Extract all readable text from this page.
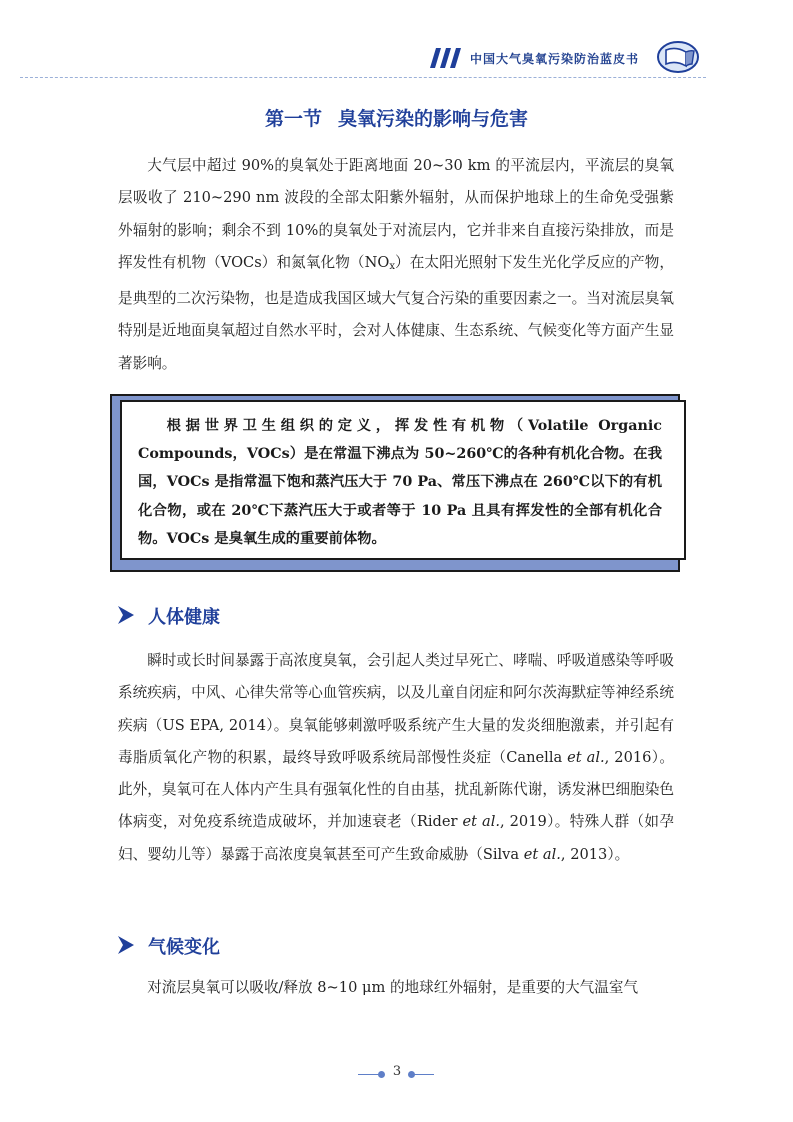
中国大气臭氧污染防治蓝皮书
第一节 臭氧污染的影响与危害

大气层中超过 90%的臭氧处于距离地面 20~30 km 的平流层内，平流层的臭氧层吸收了 210~290 nm 波段的全部太阳紫外辐射，从而保护地球上的生命免受强紫外辐射的影响；剩余不到 10%的臭氧处于对流层内，它并非来自直接污染排放，而是挥发性有机物（VOCs）和氮氧化物$(NO_x)$在太阳光照射下发生光化学反应的产物，是典型的二次污染物，也是造成我国区域大气复合污染的重要因素之一。当对流层臭氧特别是近地面臭氧超过自然水平时，会对人体健康、生态系统、气候变化等方面产生显著影响。

根据世界卫生组织的定义，挥发性有机物（Volatile Organic Compounds，VOCs）是在常温下沸点为 50~260℃的各种有机化合物。在我国，VOCs 是指常温下饱和蒸汽压大于 70 Pa、常压下沸点在 260℃以下的有机化合物，或在 20℃下蒸汽压大于或者等于 10 Pa 且具有挥发性的全部有机化合物。VOCs 是臭氧生成的重要前体物。

人体健康

瞬时或长时间暴露于高浓度臭氧，会引起人类过早死亡、哮喘、呼吸道感染等呼吸系统疾病，中风、心律失常等心血管疾病，以及儿童自闭症和阿尔茨海默症等神经系统疾病（US EPA, 2014）。臭氧能够刺激呼吸系统产生大量的发炎细胞激素，并引起有毒脂质氧化产物的积累，最终导致呼吸系统局部慢性炎症（Canella et al., 2016）。此外，臭氧可在人体内产生具有强氧化性的自由基，扰乱新陈代谢，诱发淋巴细胞染色体病变，对免疫系统造成破坏，并加速衰老（Rider et al., 2019）。特殊人群（如孕妇、婴幼儿等）暴露于高浓度臭氧甚至可产生致命威胁（Silva et al., 2013）。

气候变化

对流层臭氧可以吸收/释放 8~10 μm 的地球红外辐射，是重要的大气温室气

3
